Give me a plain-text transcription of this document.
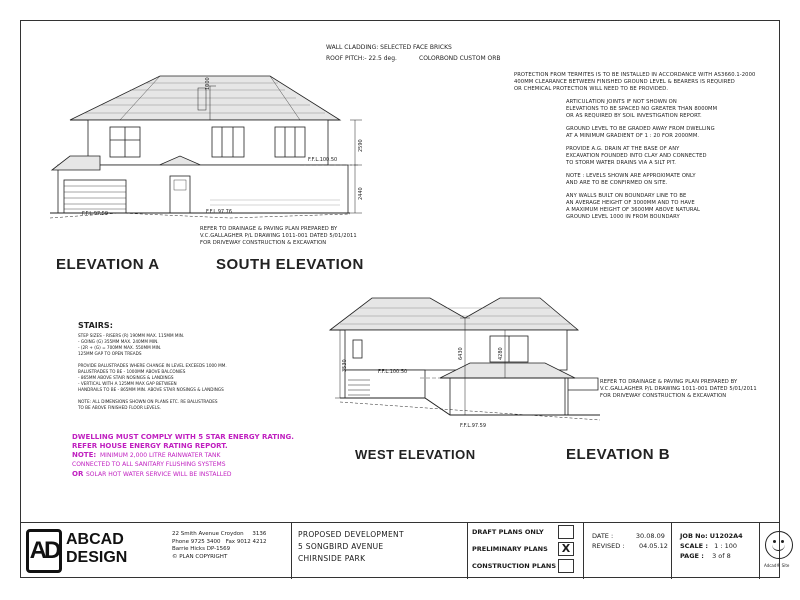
WALL CLADDING: SELECTED FACE BRICKS
ROOF PITCH:- 22.5 deg.	COLORBOND CUSTOM ORB
PROTECTION FROM TERMITES IS TO BE INSTALLED IN ACCORDANCE WITH AS3660.1-2000
400MM CLEARANCE BETWEEN FINISHED GROUND LEVEL & BEARERS IS REQUIRED
OR CHEMICAL PROTECTION WILL NEED TO BE PROVIDED.
ARTICULATION JOINTS IF NOT SHOWN ON
ELEVATIONS TO BE SPACED NO GREATER THAN 8000MM
OR AS REQUIRED BY SOIL INVESTIGATION REPORT.
GROUND LEVEL TO BE GRADED AWAY FROM DWELLING
AT A MINIMUM GRADIENT OF 1 : 20 FOR 2000MM.
PROVIDE A.G. DRAIN AT THE BASE OF ANY
EXCAVATION FOUNDED INTO CLAY AND CONNECTED
TO STORM WATER DRAINS VIA A SILT PIT.
NOTE : LEVELS SHOWN ARE APPROXIMATE ONLY
AND ARE TO BE CONFIRMED ON SITE.
ANY WALLS BUILT ON BOUNDARY LINE TO BE
AN AVERAGE HEIGHT OF 3000MM AND TO HAVE
A MAXIMUM HEIGHT OF 3600MM ABOVE NATURAL
GROUND LEVEL 1000 IN FROM BOUNDARY
1000
2590
2440
F.F.L.100.50
F.F.L.97.59	F.F.L.97.76
REFER TO DRAINAGE & PAVING PLAN PREPARED BY
V.C.GALLAGHER P/L DRAWING 1011-001 DATED 5/01/2011
FOR DRIVEWAY CONSTRUCTION & EXCAVATION
ELEVATION A	SOUTH ELEVATION
STAIRS:
STEP SIZES - RISERS (R) 190MM MAX. 115MM MIN.
- GOING (G) 355MM MAX. 240MM MIN.
- (2R + (G) = 700MM MAX. 550MM MIN.
125MM GAP TO OPEN TREADS
PROVIDE BALUSTRADES WHERE CHANGE IN LEVEL EXCEEDS 1000 MM.
BALUSTRADES TO BE - 1000MM ABOVE BALCONIES
- 865MM ABOVE STAIR NOSINGS & LANDINGS
- VERTICAL WITH A 125MM MAX GAP BETWEEN
HANDRAILS TO BE - 865MM MIN. ABOVE STAIR NOSINGS & LANDINGS
NOTE: ALL DIMENSIONS SHOWN ON PLANS ETC. RE BALUSTRADES
TO BE ABOVE FINISHED FLOOR LEVELS.
DWELLING MUST COMPLY WITH 5 STAR ENERGY RATING.
REFER HOUSE ENERGY RATING REPORT.
NOTE: MINIMUM 2,000 LITRE RAINWATER TANK
CONNECTED TO ALL SANITARY FLUSHING SYSTEMS
OR SOLAR HOT WATER SERVICE WILL BE INSTALLED
3530
6430	4280
F.F.L.100.50
F.F.L.97.59
REFER TO DRAINAGE & PAVING PLAN PREPARED BY
V.C.GALLAGHER P/L DRAWING 1011-001 DATED 5/01/2011
FOR DRIVEWAY CONSTRUCTION & EXCAVATION
WEST ELEVATION	ELEVATION B
AD ABCAD
DESIGN
22 Smith Avenue Croydon 3136
Phone 9725 3400 Fax 9012 4212
Barrie Hicks DP-1569
© PLAN COPYRIGHT
PROPOSED DEVELOPMENT
5 SONGBIRD AVENUE
CHIRNSIDE PARK
DRAFT PLANS ONLY
PRELIMINARY PLANS	X
CONSTRUCTION PLANS
DATE :	30.08.09
REVISED : 04.05.12
JOB No: U1202A4
SCALE : 1 : 100
PAGE : 3 of 8
Adcad® Site
